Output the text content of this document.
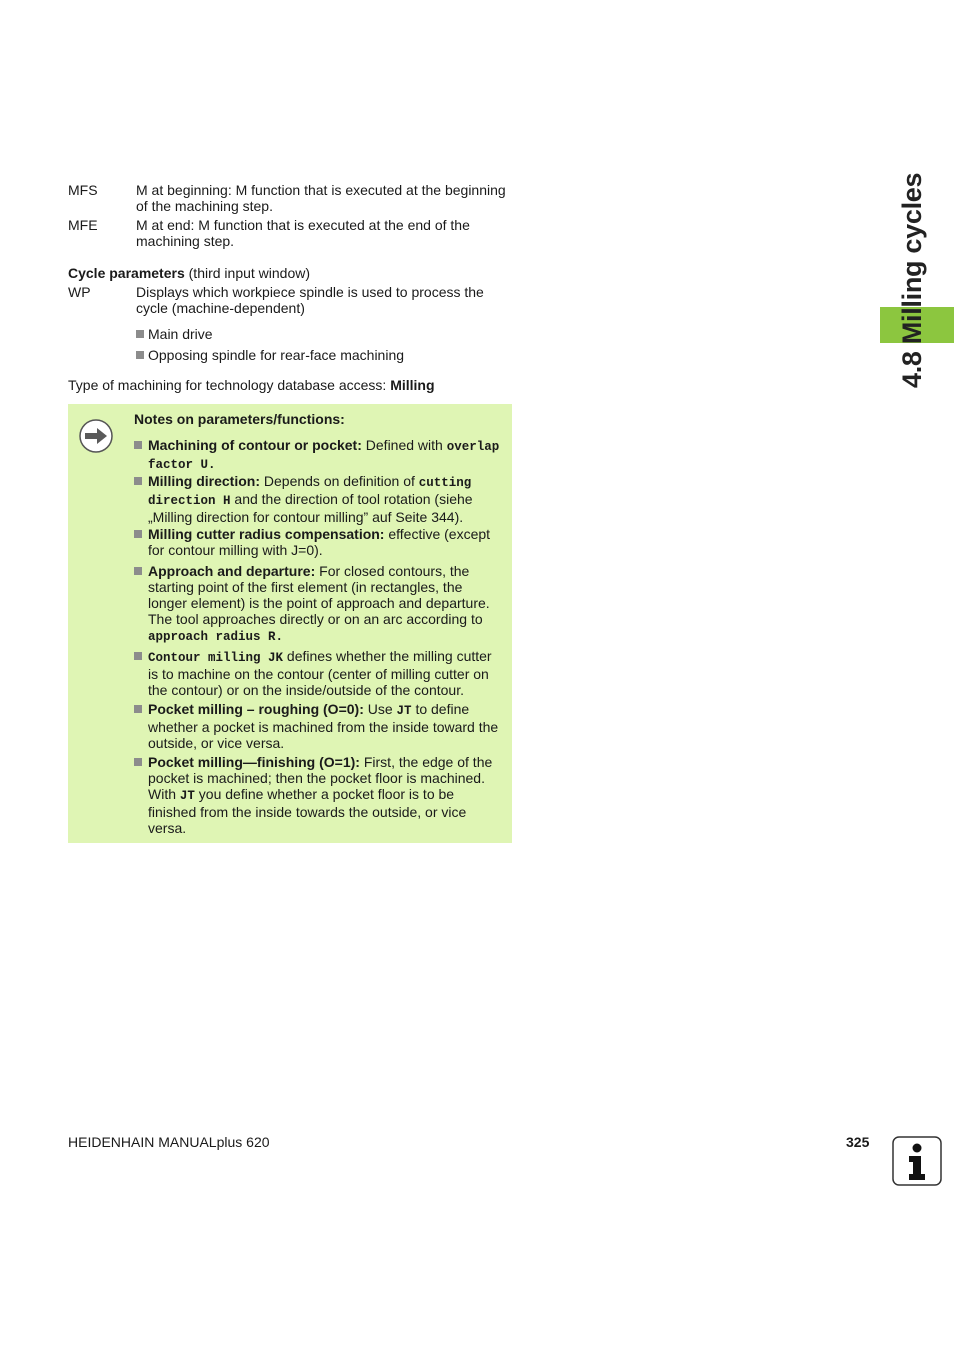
4.8 Milling cycles
MFS	M at beginning: M function that is executed at the beginning of the machining step.
MFE	M at end: M function that is executed at the end of the machining step.
Cycle parameters (third input window)
WP	Displays which workpiece spindle is used to process the cycle (machine-dependent)
Main drive
Opposing spindle for rear-face machining
Type of machining for technology database access: Milling
Notes on parameters/functions:
Machining of contour or pocket: Defined with overlap factor U.
Milling direction: Depends on definition of cutting direction H and the direction of tool rotation (siehe „Milling direction for contour milling” auf Seite 344).
Milling cutter radius compensation: effective (except for contour milling with J=0).
Approach and departure: For closed contours, the starting point of the first element (in rectangles, the longer element) is the point of approach and departure. The tool approaches directly or on an arc according to approach radius R.
Contour milling JK defines whether the milling cutter is to machine on the contour (center of milling cutter on the contour) or on the inside/outside of the contour.
Pocket milling – roughing (O=0): Use JT to define whether a pocket is machined from the inside toward the outside, or vice versa.
Pocket milling—finishing (O=1): First, the edge of the pocket is machined; then the pocket floor is machined. With JT you define whether a pocket floor is to be finished from the inside towards the outside, or vice versa.
HEIDENHAIN MANUALplus 620	325
